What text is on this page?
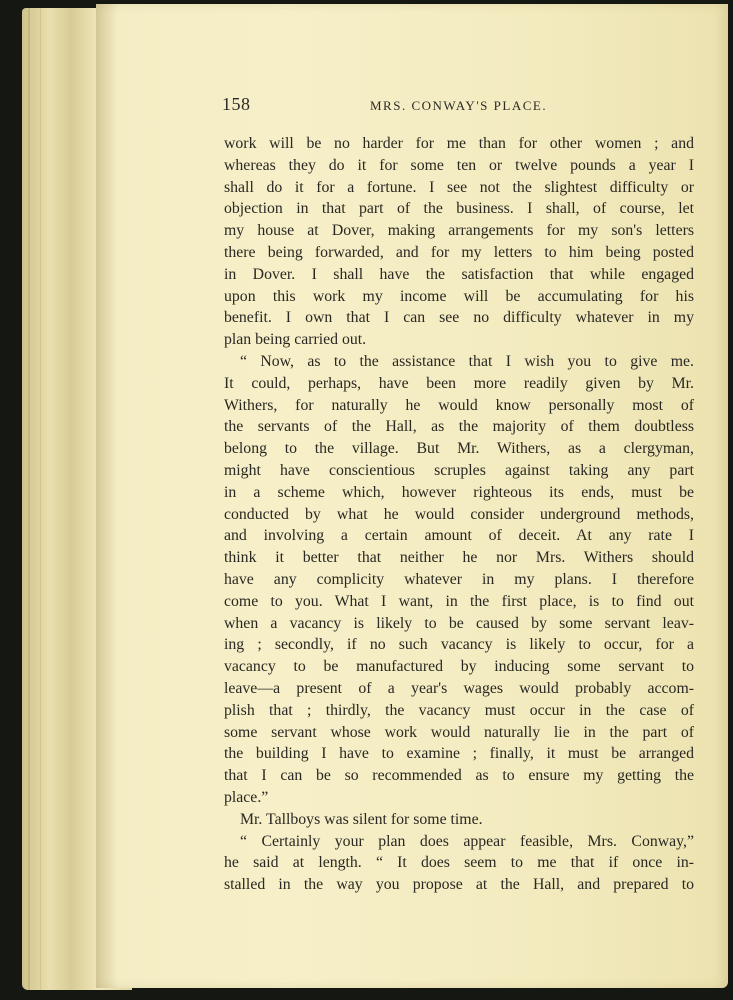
158	MRS. CONWAY'S PLACE.
work will be no harder for me than for other women ; and
whereas they do it for some ten or twelve pounds a year I
shall do it for a fortune. I see not the slightest difficulty or
objection in that part of the business. I shall, of course, let
my house at Dover, making arrangements for my son's letters
there being forwarded, and for my letters to him being posted
in Dover. I shall have the satisfaction that while engaged
upon this work my income will be accumulating for his
benefit. I own that I can see no difficulty whatever in my
plan being carried out.
“ Now, as to the assistance that I wish you to give me.
It could, perhaps, have been more readily given by Mr.
Withers, for naturally he would know personally most of
the servants of the Hall, as the majority of them doubtless
belong to the village. But Mr. Withers, as a clergyman,
might have conscientious scruples against taking any part
in a scheme which, however righteous its ends, must be
conducted by what he would consider underground methods,
and involving a certain amount of deceit. At any rate I
think it better that neither he nor Mrs. Withers should
have any complicity whatever in my plans. I therefore
come to you. What I want, in the first place, is to find out
when a vacancy is likely to be caused by some servant leav-
ing ; secondly, if no such vacancy is likely to occur, for a
vacancy to be manufactured by inducing some servant to
leave—a present of a year's wages would probably accom-
plish that ; thirdly, the vacancy must occur in the case of
some servant whose work would naturally lie in the part of
the building I have to examine ; finally, it must be arranged
that I can be so recommended as to ensure my getting the
place.”
Mr. Tallboys was silent for some time.
“ Certainly your plan does appear feasible, Mrs. Conway,”
he said at length. “ It does seem to me that if once in-
stalled in the way you propose at the Hall, and prepared to
